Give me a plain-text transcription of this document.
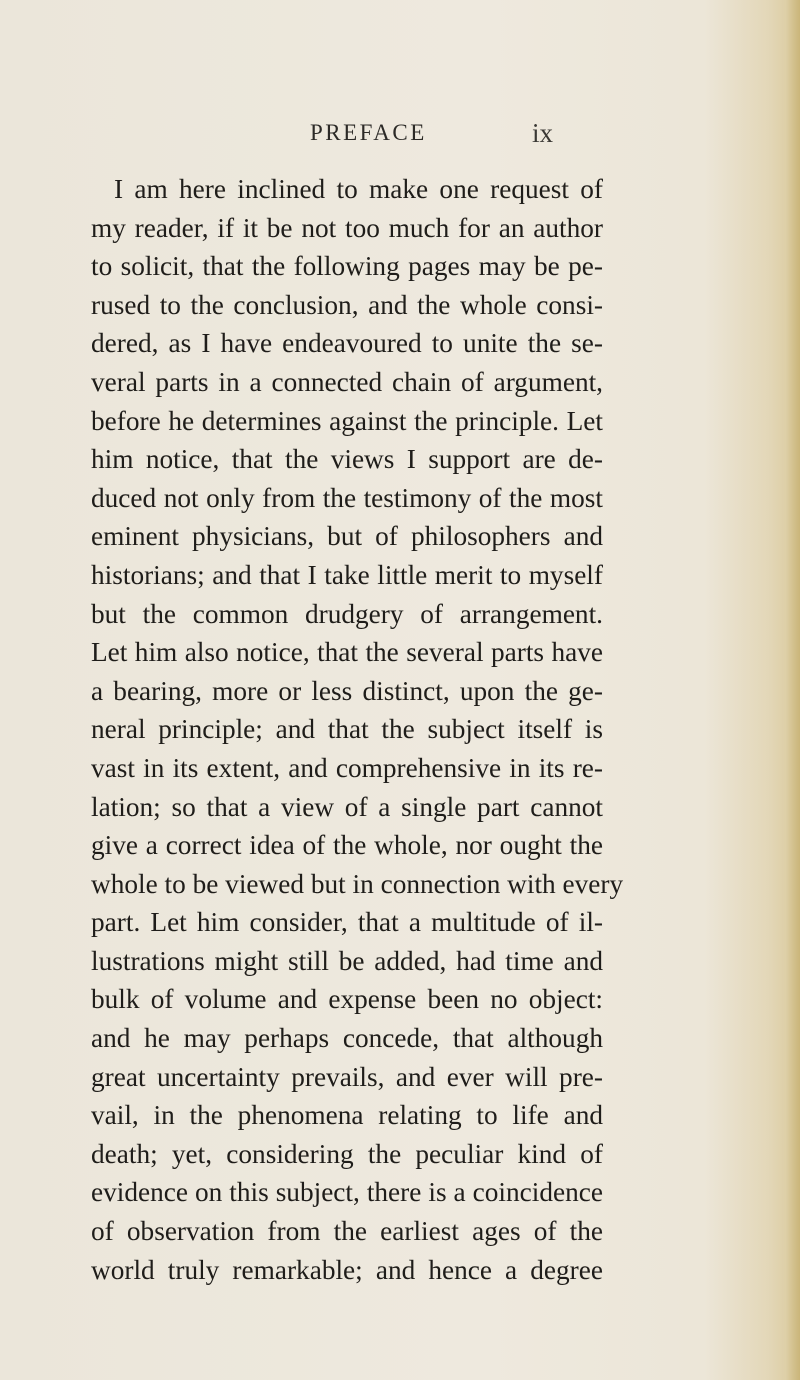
PREFACE	ix
I am here inclined to make one request of
my reader, if it be not too much for an author
to solicit, that the following pages may be pe-
rused to the conclusion, and the whole consi-
dered, as I have endeavoured to unite the se-
veral parts in a connected chain of argument,
before he determines against the principle. Let
him notice, that the views I support are de-
duced not only from the testimony of the most
eminent physicians, but of philosophers and
historians; and that I take little merit to myself
but the common drudgery of arrangement.
Let him also notice, that the several parts have
a bearing, more or less distinct, upon the ge-
neral principle; and that the subject itself is
vast in its extent, and comprehensive in its re-
lation; so that a view of a single part cannot
give a correct idea of the whole, nor ought the
whole to be viewed but in connection with every
part. Let him consider, that a multitude of il-
lustrations might still be added, had time and
bulk of volume and expense been no object:
and he may perhaps concede, that although
great uncertainty prevails, and ever will pre-
vail, in the phenomena relating to life and
death; yet, considering the peculiar kind of
evidence on this subject, there is a coincidence
of observation from the earliest ages of the
world truly remarkable; and hence a degree
